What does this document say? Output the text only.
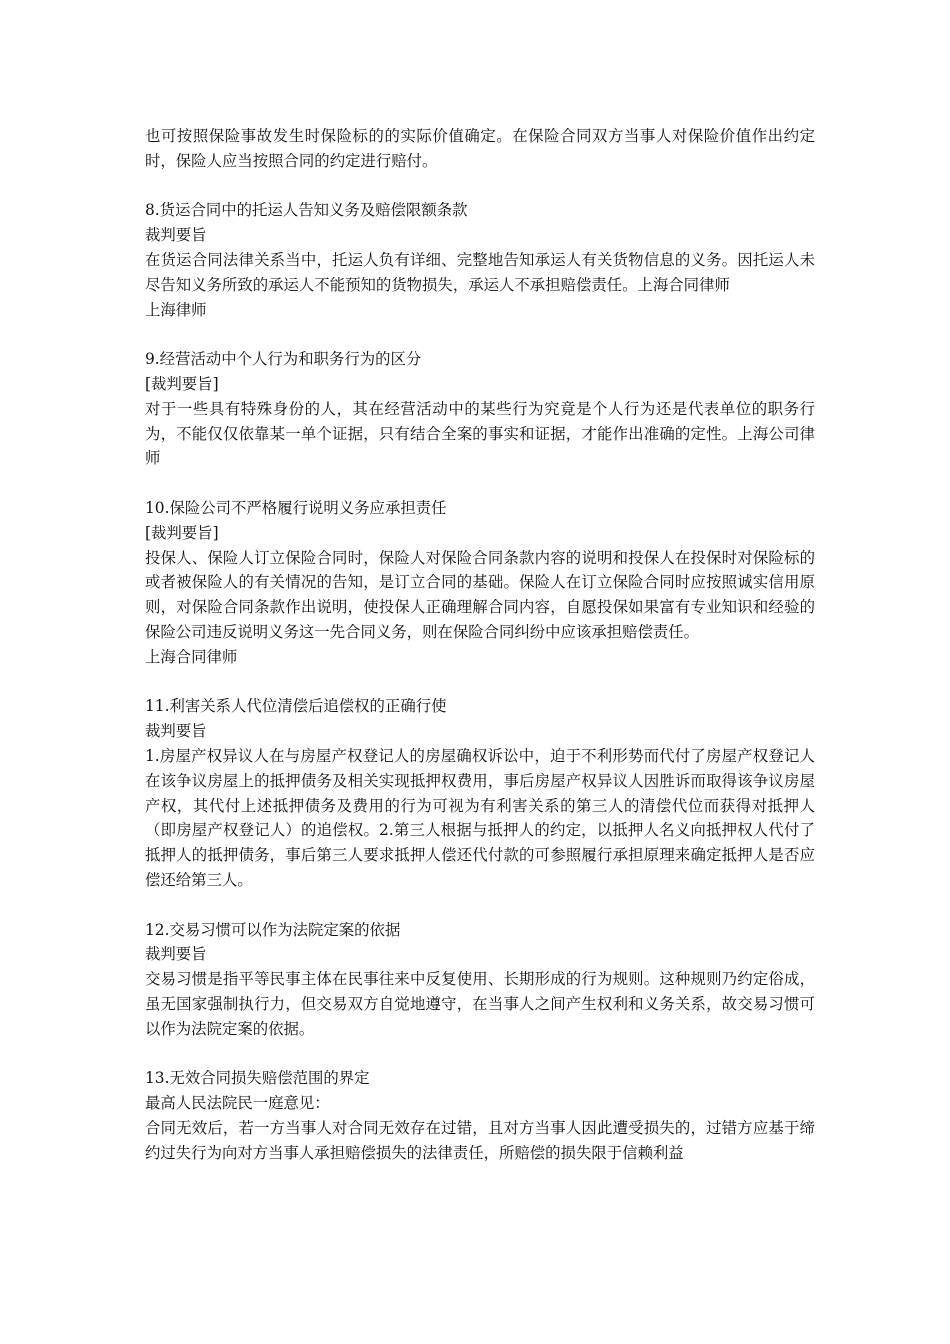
也可按照保险事故发生时保险标的的实际价值确定。在保险合同双方当事人对保险价值作出约定时，保险人应当按照合同的约定进行赔付。

8.货运合同中的托运人告知义务及赔偿限额条款

裁判要旨

在货运合同法律关系当中，托运人负有详细、完整地告知承运人有关货物信息的义务。因托运人未尽告知义务所致的承运人不能预知的货物损失，承运人不承担赔偿责任。上海合同律师

上海律师

9.经营活动中个人行为和职务行为的区分

[裁判要旨]

对于一些具有特殊身份的人，其在经营活动中的某些行为究竟是个人行为还是代表单位的职务行为，不能仅仅依靠某一单个证据，只有结合全案的事实和证据，才能作出准确的定性。上海公司律师

10.保险公司不严格履行说明义务应承担责任

[裁判要旨]

投保人、保险人订立保险合同时，保险人对保险合同条款内容的说明和投保人在投保时对保险标的或者被保险人的有关情况的告知，是订立合同的基础。保险人在订立保险合同时应按照诚实信用原则，对保险合同条款作出说明，使投保人正确理解合同内容，自愿投保如果富有专业知识和经验的保险公司违反说明义务这一先合同义务，则在保险合同纠纷中应该承担赔偿责任。

上海合同律师

11.利害关系人代位清偿后追偿权的正确行使

裁判要旨

1.房屋产权异议人在与房屋产权登记人的房屋确权诉讼中，迫于不利形势而代付了房屋产权登记人在该争议房屋上的抵押债务及相关实现抵押权费用，事后房屋产权异议人因胜诉而取得该争议房屋产权，其代付上述抵押债务及费用的行为可视为有利害关系的第三人的清偿代位而获得对抵押人（即房屋产权登记人）的追偿权。2.第三人根据与抵押人的约定，以抵押人名义向抵押权人代付了抵押人的抵押债务，事后第三人要求抵押人偿还代付款的可参照履行承担原理来确定抵押人是否应偿还给第三人。

12.交易习惯可以作为法院定案的依据

裁判要旨

交易习惯是指平等民事主体在民事往来中反复使用、长期形成的行为规则。这种规则乃约定俗成，虽无国家强制执行力，但交易双方自觉地遵守，在当事人之间产生权利和义务关系，故交易习惯可以作为法院定案的依据。

13.无效合同损失赔偿范围的界定

最高人民法院民一庭意见：

合同无效后，若一方当事人对合同无效存在过错，且对方当事人因此遭受损失的，过错方应基于缔约过失行为向对方当事人承担赔偿损失的法律责任，所赔偿的损失限于信赖利益
